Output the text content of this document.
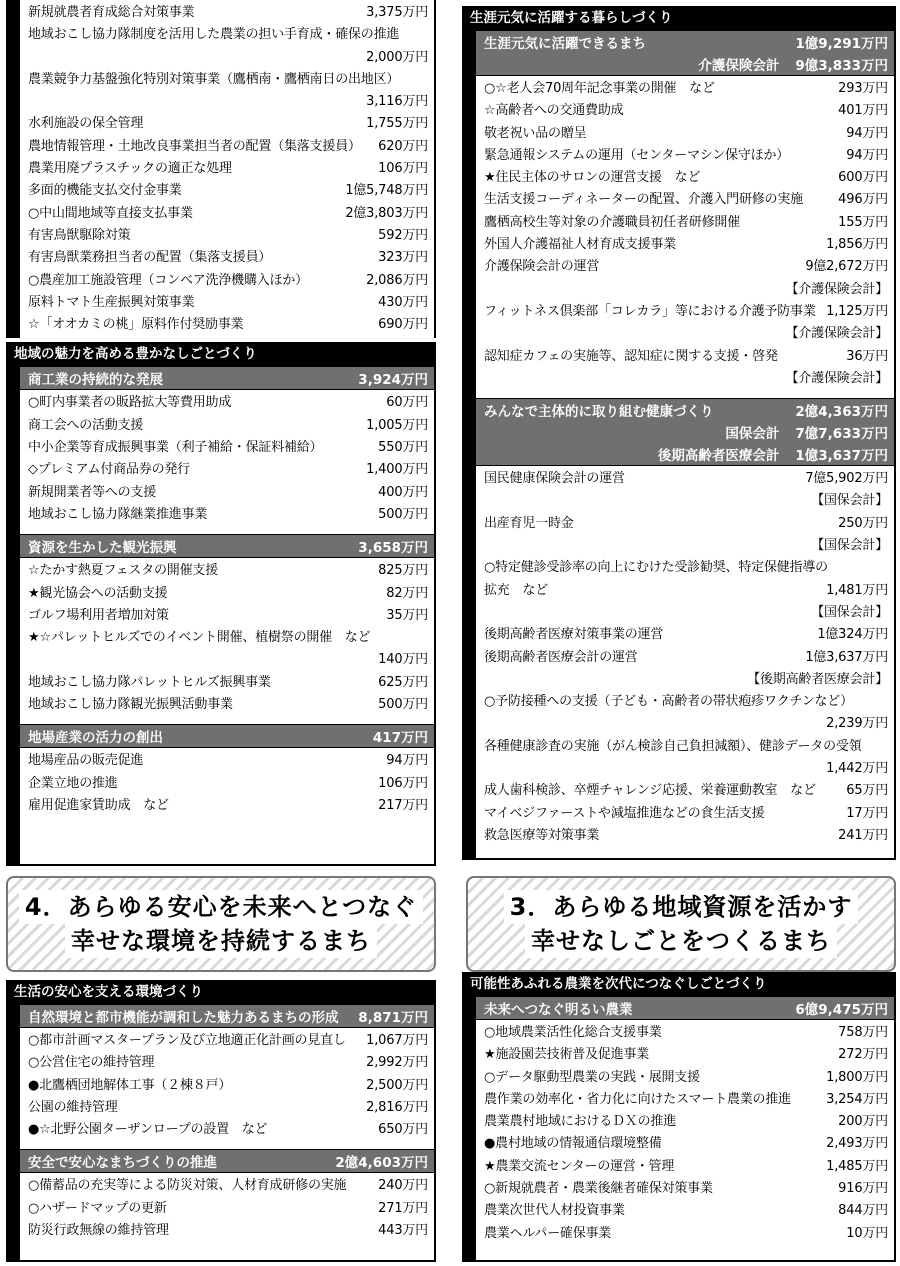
新規就農者育成総合対策事業	3,375万円
地域おこし協力隊制度を活用した農業の担い手育成・確保の推進
2,000万円
農業競争力基盤強化特別対策事業（鷹栖南・鷹栖南日の出地区）
3,116万円
水利施設の保全管理	1,755万円
農地情報管理・土地改良事業担当者の配置（集落支援員）	620万円
農業用廃プラスチックの適正な処理	106万円
多面的機能支払交付金事業	1億5,748万円
○中山間地域等直接支払事業	2億3,803万円
有害鳥獣駆除対策	592万円
有害鳥獣業務担当者の配置（集落支援員）	323万円
○農産加工施設管理（コンベア洗浄機購入ほか）	2,086万円
原料トマト生産振興対策事業	430万円
☆「オオカミの桃」原料作付奨励事業	690万円
地域の魅力を高める豊かなしごとづくり
商工業の持続的な発展	3,924万円
○町内事業者の販路拡大等費用助成	60万円
商工会への活動支援	1,005万円
中小企業等育成振興事業（利子補給・保証料補給）	550万円
◇プレミアム付商品券の発行	1,400万円
新規開業者等への支援	400万円
地域おこし協力隊継業推進事業	500万円
資源を生かした観光振興	3,658万円
☆たかす熱夏フェスタの開催支援	825万円
★観光協会への活動支援	82万円
ゴルフ場利用者増加対策	35万円
★☆パレットヒルズでのイベント開催、植樹祭の開催　など
140万円
地域おこし協力隊パレットヒルズ振興事業	625万円
地域おこし協力隊観光振興活動事業	500万円
地場産業の活力の創出	417万円
地場産品の販売促進	94万円
企業立地の推進	106万円
雇用促進家賃助成　など	217万円
生涯元気に活躍する暮らしづくり
生涯元気に活躍できるまち	1億9,291万円
介護保険会計 9億3,833万円
○☆老人会70周年記念事業の開催　など	293万円
☆高齢者への交通費助成	401万円
敬老祝い品の贈呈	94万円
緊急通報システムの運用（センターマシン保守ほか）	94万円
★住民主体のサロンの運営支援　など	600万円
生活支援コーディネーターの配置、介護入門研修の実施	496万円
鷹栖高校生等対象の介護職員初任者研修開催	155万円
外国人介護福祉人材育成支援事業	1,856万円
介護保険会計の運営	9億2,672万円
【介護保険会計】
フィットネス倶楽部「コレカラ」等における介護予防事業 1,125万円
【介護保険会計】
認知症カフェの実施等、認知症に関する支援・啓発	36万円
【介護保険会計】
みんなで主体的に取り組む健康づくり	2億4,363万円
国保会計 7億7,633万円
後期高齢者医療会計 1億3,637万円
国民健康保険会計の運営	7億5,902万円
【国保会計】
出産育児一時金	250万円
【国保会計】
○特定健診受診率の向上にむけた受診勧奨、特定保健指導の
拡充　など	1,481万円
【国保会計】
後期高齢者医療対策事業の運営	1億324万円
後期高齢者医療会計の運営	1億3,637万円
【後期高齢者医療会計】
○予防接種への支援（子ども・高齢者の帯状疱疹ワクチンなど）
2,239万円
各種健康診査の実施（がん検診自己負担減額）、健診データの受領
1,442万円
成人歯科検診、卒煙チャレンジ応援、栄養運動教室　など	65万円
マイベジファーストや減塩推進などの食生活支援	17万円
救急医療等対策事業	241万円
4．あらゆる安心を未来へとつなぐ
幸せな環境を持続するまち
3．あらゆる地域資源を活かす
幸せなしごとをつくるまち
生活の安心を支える環境づくり
自然環境と都市機能が調和した魅力あるまちの形成 8,871万円
○都市計画マスタープラン及び立地適正化計画の見直し	1,067万円
○公営住宅の維持管理	2,992万円
●北鷹栖団地解体工事（２棟８戸）	2,500万円
公園の維持管理	2,816万円
●☆北野公園ターザンロープの設置　など	650万円
安全で安心なまちづくりの推進	2億4,603万円
○備蓄品の充実等による防災対策、人材育成研修の実施	240万円
○ハザードマップの更新	271万円
防災行政無線の維持管理	443万円
可能性あふれる農業を次代につなぐしごとづくり
未来へつなぐ明るい農業	6億9,475万円
○地域農業活性化総合支援事業	758万円
★施設園芸技術普及促進事業	272万円
○データ駆動型農業の実践・展開支援	1,800万円
農作業の効率化・省力化に向けたスマート農業の推進	3,254万円
農業農村地域におけるＤＸの推進	200万円
●農村地域の情報通信環境整備	2,493万円
★農業交流センターの運営・管理	1,485万円
○新規就農者・農業後継者確保対策事業	916万円
農業次世代人材投資事業	844万円
農業ヘルパー確保事業	10万円
